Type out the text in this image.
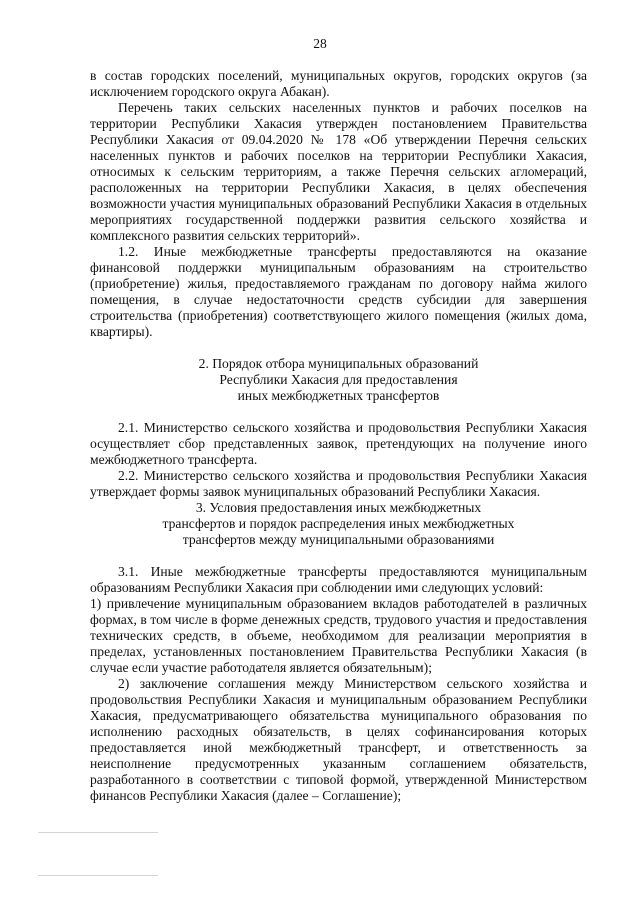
28

в состав городских поселений, муниципальных округов, городских округов (за исключением городского округа Абакан).

Перечень таких сельских населенных пунктов и рабочих поселков на территории Республики Хакасия утвержден постановлением Правительства Республики Хакасия от 09.04.2020 № 178 «Об утверждении Перечня сельских населенных пунктов и рабочих поселков на территории Республики Хакасия, относимых к сельским территориям, а также Перечня сельских агломераций, расположенных на территории Республики Хакасия, в целях обеспечения возможности участия муниципальных образований Республики Хакасия в отдельных мероприятиях государственной поддержки развития сельского хозяйства и комплексного развития сельских территорий».

1.2. Иные межбюджетные трансферты предоставляются на оказание финансовой поддержки муниципальным образованиям на строительство (приобретение) жилья, предоставляемого гражданам по договору найма жилого помещения, в случае недостаточности средств субсидии для завершения строительства (приобретения) соответствующего жилого помещения (жилых дома, квартиры).

2. Порядок отбора муниципальных образований

Республики Хакасия для предоставления

иных межбюджетных трансфертов

2.1. Министерство сельского хозяйства и продовольствия Республики Хакасия осуществляет сбор представленных заявок, претендующих на получение иного межбюджетного трансферта.

2.2. Министерство сельского хозяйства и продовольствия Республики Хакасия утверждает формы заявок муниципальных образований Республики Хакасия.

3. Условия предоставления иных межбюджетных

трансфертов и порядок распределения иных межбюджетных

трансфертов между муниципальными образованиями

3.1. Иные межбюджетные трансферты предоставляются муниципальным образованиям Республики Хакасия при соблюдении ими следующих условий:

1) привлечение муниципальным образованием вкладов работодателей в различных формах, в том числе в форме денежных средств, трудового участия и предоставления технических средств, в объеме, необходимом для реализации мероприятия в пределах, установленных постановлением Правительства Республики Хакасия (в случае если участие работодателя является обязательным);

2) заключение соглашения между Министерством сельского хозяйства и продовольствия Республики Хакасия и муниципальным образованием Республики Хакасия, предусматривающего обязательства муниципального образования по исполнению расходных обязательств, в целях софинансирования которых предоставляется иной межбюджетный трансферт, и ответственность за неисполнение предусмотренных указанным соглашением обязательств, разработанного в соответствии с типовой формой, утвержденной Министерством финансов Республики Хакасия (далее – Соглашение);
